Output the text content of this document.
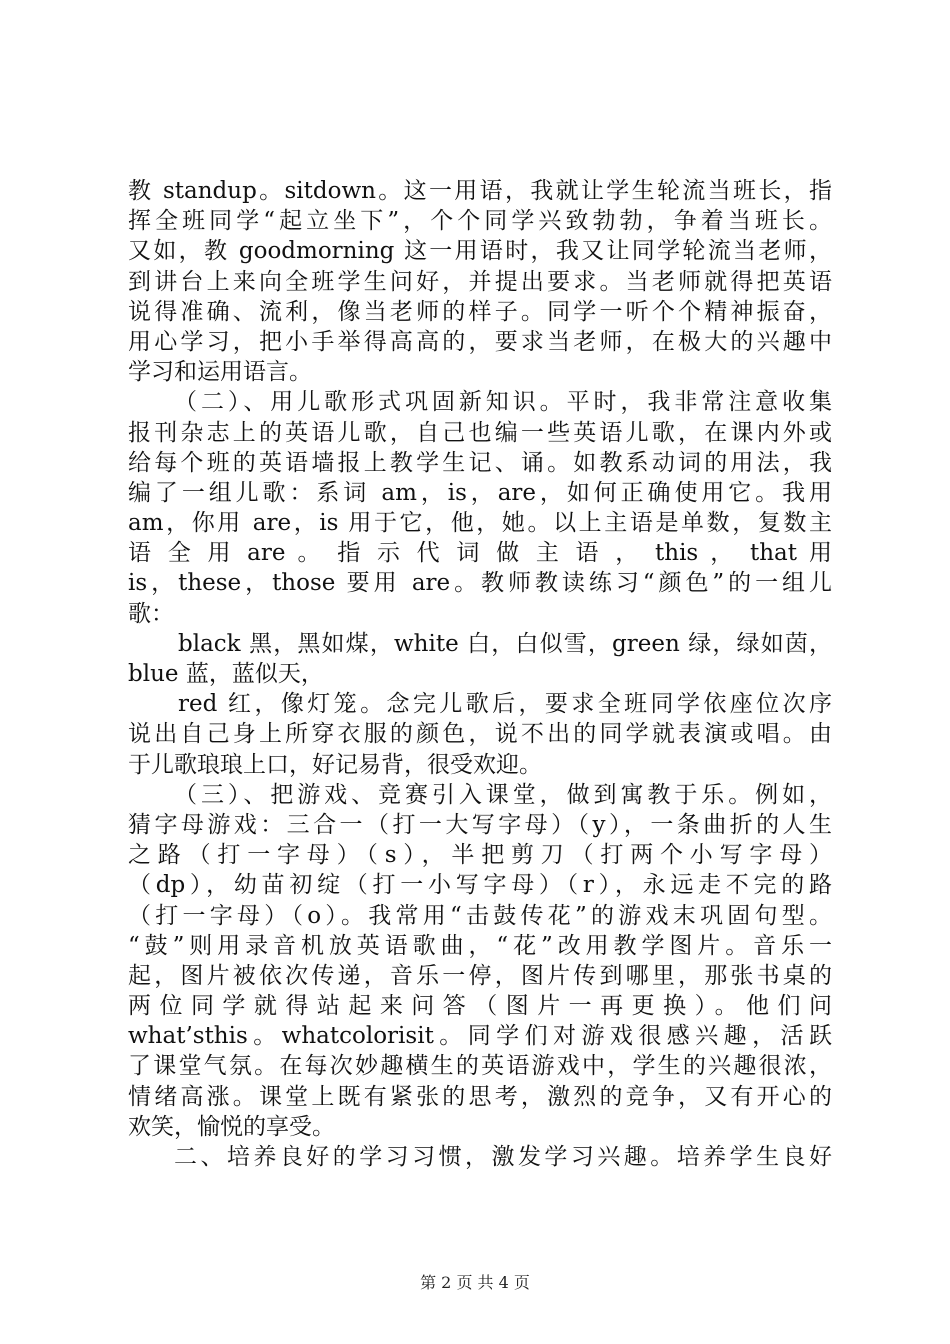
教 standup。sitdown。这一用语，我就让学生轮流当班长，指
挥全班同学“起立坐下”，个个同学兴致勃勃，争着当班长。
又如，教 goodmorning 这一用语时，我又让同学轮流当老师，
到讲台上来向全班学生问好，并提出要求。当老师就得把英语
说得准确、流利，像当老师的样子。同学一听个个精神振奋，
用心学习，把小手举得高高的，要求当老师，在极大的兴趣中
学习和运用语言。
（二）、用儿歌形式巩固新知识。平时，我非常注意收集
报刊杂志上的英语儿歌，自己也编一些英语儿歌，在课内外或
给每个班的英语墙报上教学生记、诵。如教系动词的用法，我
编了一组儿歌：系词 am，is，are，如何正确使用它。我用
am，你用 are，is 用于它，他，她。以上主语是单数，复数主
语 全 用 are 。 指 示 代 词 做 主 语 ， this ， that 用
is，these，those 要用 are。教师教读练习“颜色”的一组儿
歌：
black 黑，黑如煤，white 白，白似雪，green 绿，绿如茵，
blue 蓝，蓝似天，
red 红，像灯笼。念完儿歌后，要求全班同学依座位次序
说出自己身上所穿衣服的颜色，说不出的同学就表演或唱。由
于儿歌琅琅上口，好记易背，很受欢迎。
（三）、把游戏、竞赛引入课堂，做到寓教于乐。例如，
猜字母游戏：三合一（打一大写字母）（y），一条曲折的人生
之路（打一字母）（s），半把剪刀（打两个小写字母）
（dp），幼苗初绽（打一小写字母）（r），永远走不完的路
（打一字母）（o）。我常用“击鼓传花”的游戏末巩固句型。
“鼓”则用录音机放英语歌曲，“花”改用教学图片。音乐一
起，图片被依次传递，音乐一停，图片传到哪里，那张书桌的
两位同学就得站起来问答（图片一再更换）。他们问
what’sthis。whatcolorisit。同学们对游戏很感兴趣，活跃
了课堂气氛。在每次妙趣横生的英语游戏中，学生的兴趣很浓，
情绪高涨。课堂上既有紧张的思考，激烈的竞争，又有开心的
欢笑，愉悦的享受。
二、培养良好的学习习惯，激发学习兴趣。培养学生良好
第 2 页 共 4 页
